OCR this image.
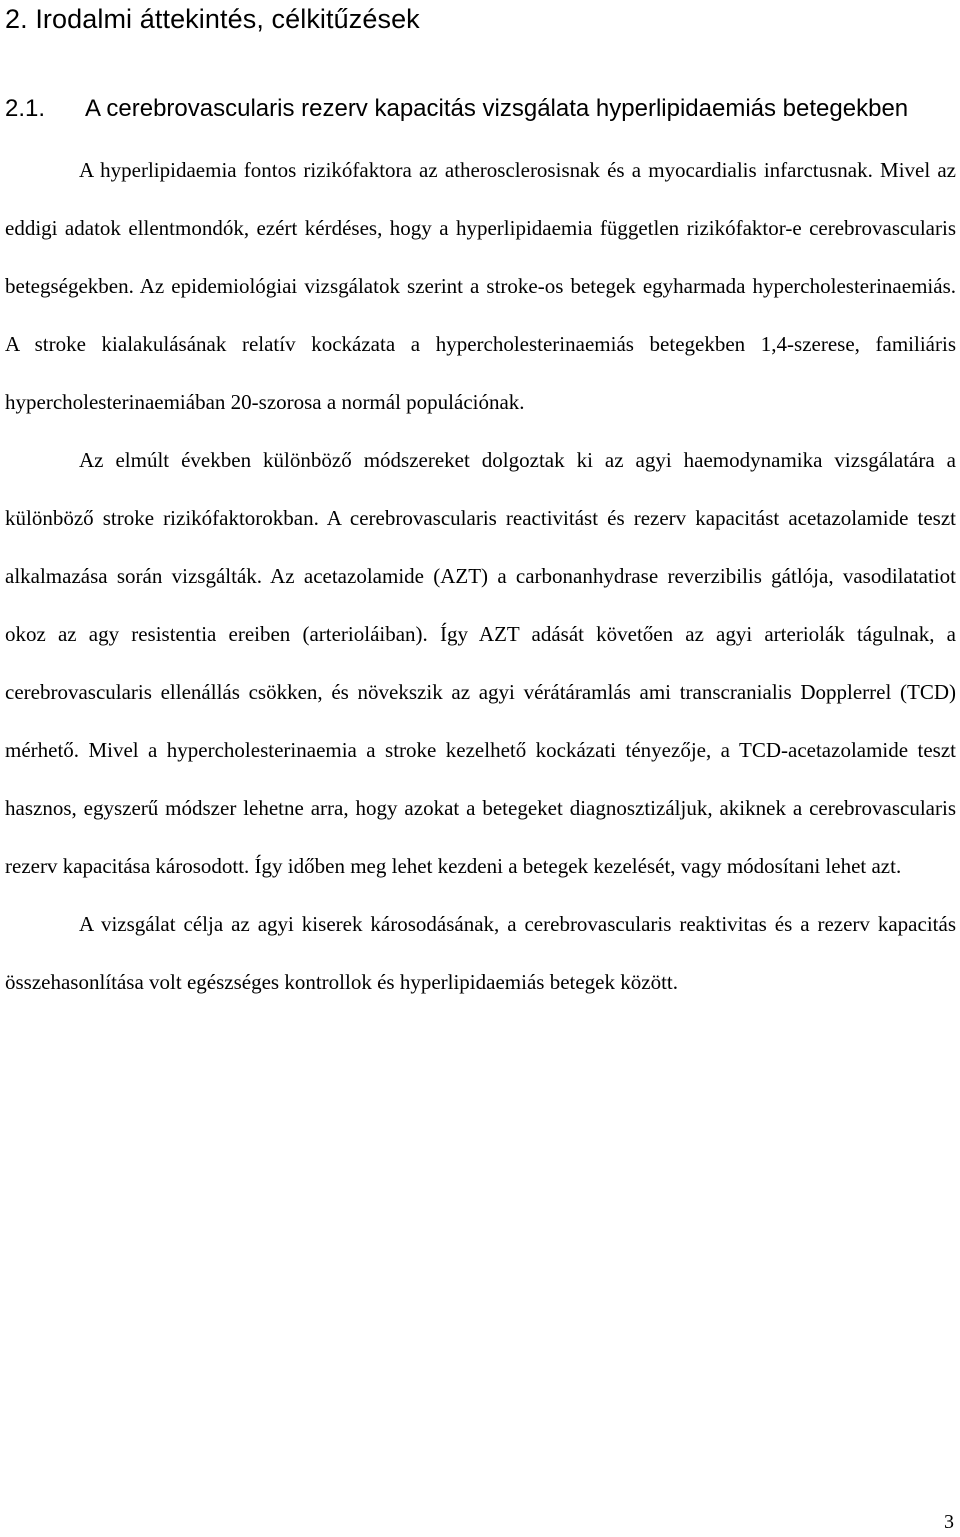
2. Irodalmi áttekintés, célkitűzések
2.1. A cerebrovascularis rezerv kapacitás vizsgálata hyperlipidaemiás betegekben

A hyperlipidaemia fontos rizikófaktora az atherosclerosisnak és a myocardialis infarctusnak. Mivel az eddigi adatok ellentmondók, ezért kérdéses, hogy a hyperlipidaemia független rizikófaktor-e cerebrovascularis betegségekben. Az epidemiológiai vizsgálatok szerint a stroke-os betegek egyharmada hypercholesterinaemiás. A stroke kialakulásának relatív kockázata a hypercholesterinaemiás betegekben 1,4-szerese, familiáris hypercholesterinaemiában 20-szorosa a normál populációnak.

Az elmúlt években különböző módszereket dolgoztak ki az agyi haemodynamika vizsgálatára a különböző stroke rizikófaktorokban. A cerebrovascularis reactivitást és rezerv kapacitást acetazolamide teszt alkalmazása során vizsgálták. Az acetazolamide (AZT) a carbonanhydrase reverzibilis gátlója, vasodilatatiot okoz az agy resistentia ereiben (arterioláiban). Így AZT adását követően az agyi arteriolák tágulnak, a cerebrovascularis ellenállás csökken, és növekszik az agyi vérátáramlás ami transcranialis Dopplerrel (TCD) mérhető. Mivel a hypercholesterinaemia a stroke kezelhető kockázati tényezője, a TCD-acetazolamide teszt hasznos, egyszerű módszer lehetne arra, hogy azokat a betegeket diagnosztizáljuk, akiknek a cerebrovascularis rezerv kapacitása károsodott. Így időben meg lehet kezdeni a betegek kezelését, vagy módosítani lehet azt.

A vizsgálat célja az agyi kiserek károsodásának, a cerebrovascularis reaktivitas és a rezerv kapacitás összehasonlítása volt egészséges kontrollok és hyperlipidaemiás betegek között.

3
